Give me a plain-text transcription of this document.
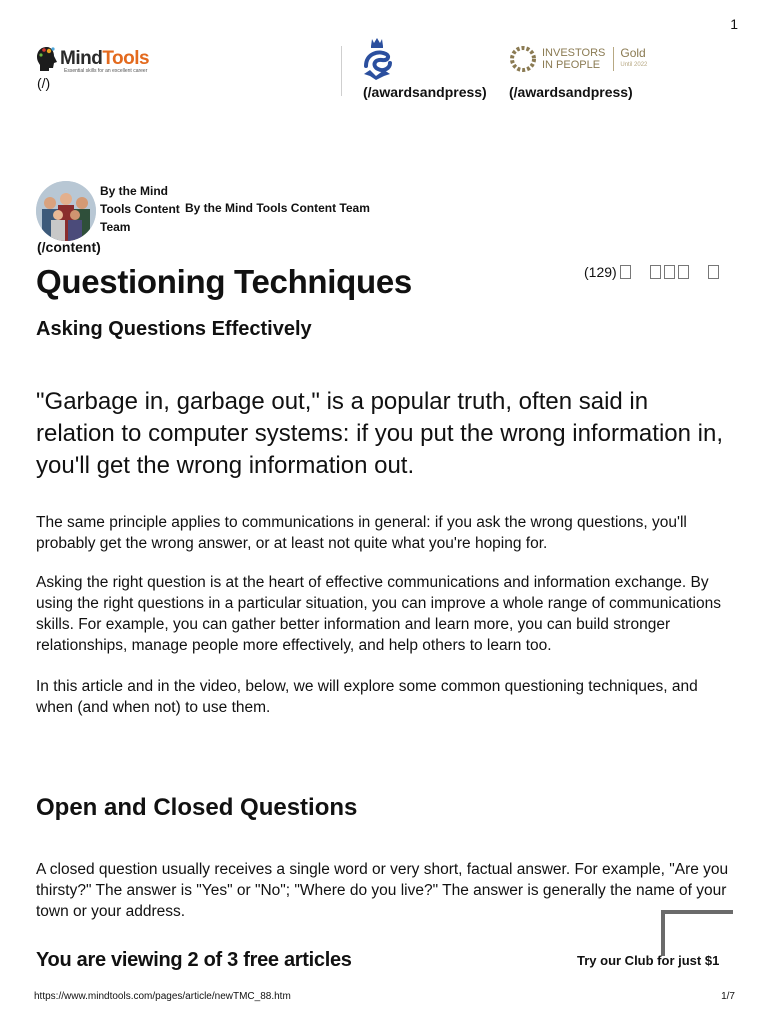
1
MindTools
Essential skills for an excellent career
(/)
INVESTORS
IN PEOPLE
Gold
Until 2022
(/awardsandpress) (/awardsandpress)
By the Mind Tools Content Team
By the Mind Tools Content Team
(/content)
Questioning Techniques	(129)
Asking Questions Effectively

"Garbage in, garbage out," is a popular truth, often said in relation to computer systems: if you put the wrong information in, you'll get the wrong information out.

The same principle applies to communications in general: if you ask the wrong questions, you'll probably get the wrong answer, or at least not quite what you're hoping for.

Asking the right question is at the heart of effective communications and information exchange. By using the right questions in a particular situation, you can improve a whole range of communications skills. For example, you can gather better information and learn more, you can build stronger relationships, manage people more effectively, and help others to learn too.

In this article and in the video, below, we will explore some common questioning techniques, and when (and when not) to use them.

Open and Closed Questions

A closed question usually receives a single word or very short, factual answer. For example, "Are you thirsty?" The answer is "Yes" or "No"; "Where do you live?" The answer is generally the name of your town or your address.

You are viewing 2 of 3 free articles	Try our Club for just $1
https://www.mindtools.com/pages/article/newTMC_88.htm	1/7
